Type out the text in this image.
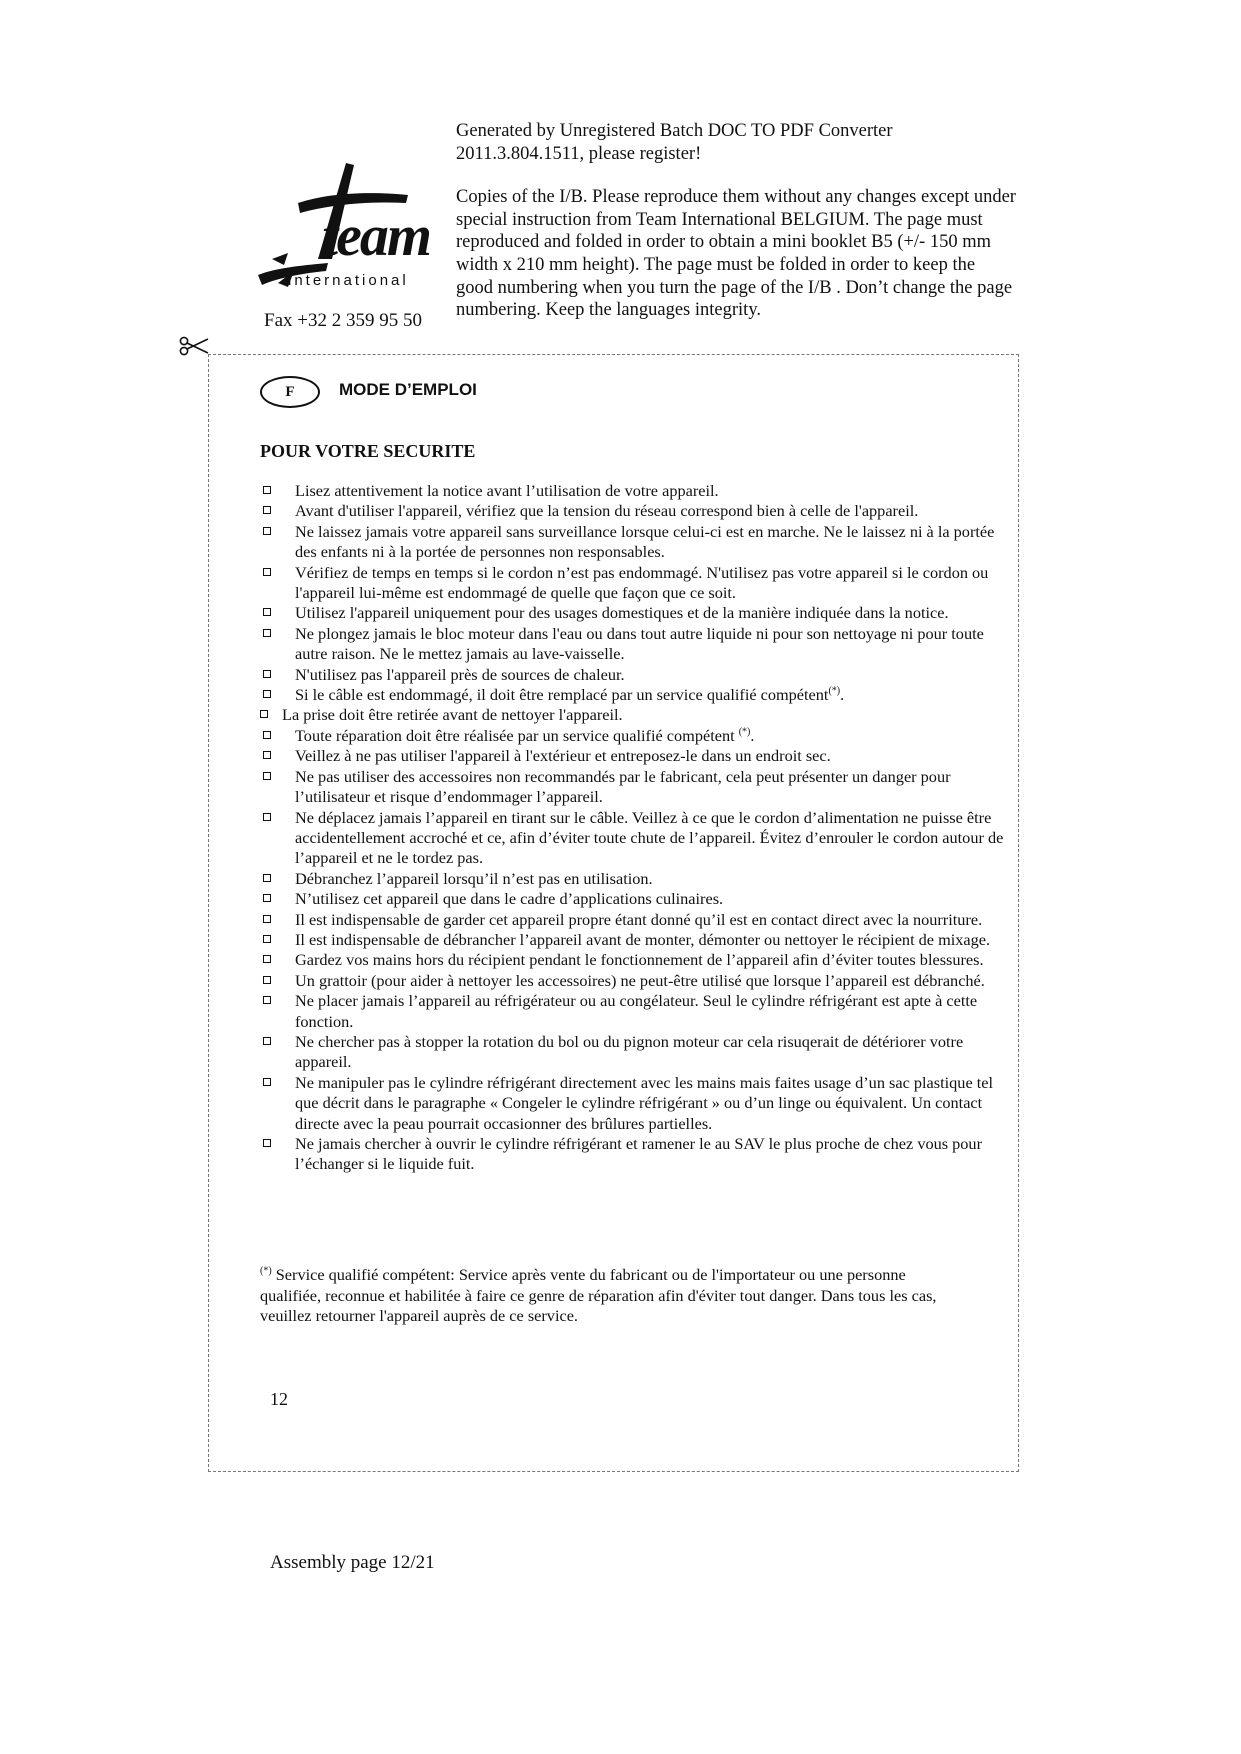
team
international
Fax +32 2 359 95 50

Generated by Unregistered Batch DOC TO PDF Converter

2011.3.804.1511, please register!

Copies of the I/B. Please reproduce them without any changes except under special instruction from Team International BELGIUM. The page must reproduced and folded in order to obtain a mini booklet B5 (+/- 150 mm width x 210 mm height). The page must be folded in order to keep the good numbering when you turn the page of the I/B . Don’t change the page numbering. Keep the languages integrity.

F	MODE D’EMPLOI
POUR VOTRE SECURITE
Lisez attentivement la notice avant l’utilisation de votre appareil.
Avant d'utiliser l'appareil, vérifiez que la tension du réseau correspond bien à celle de l'appareil.
Ne laissez jamais votre appareil sans surveillance lorsque celui-ci est en marche. Ne le laissez ni à la portée des enfants ni à la portée de personnes non responsables.
Vérifiez de temps en temps si le cordon n’est pas endommagé. N'utilisez pas votre appareil si le cordon ou l'appareil lui-même est endommagé de quelle que façon que ce soit.
Utilisez l'appareil uniquement pour des usages domestiques et de la manière indiquée dans la notice.
Ne plongez jamais le bloc moteur dans l'eau ou dans tout autre liquide ni pour son nettoyage ni pour toute autre raison. Ne le mettez jamais au lave-vaisselle.
N'utilisez pas l'appareil près de sources de chaleur.
Si le câble est endommagé, il doit être remplacé par un service qualifié compétent(*).
La prise doit être retirée avant de nettoyer l'appareil.
Toute réparation doit être réalisée par un service qualifié compétent (*).
Veillez à ne pas utiliser l'appareil à l'extérieur et entreposez-le dans un endroit sec.
Ne pas utiliser des accessoires non recommandés par le fabricant, cela peut présenter un danger pour l’utilisateur et risque d’endommager l’appareil.
Ne déplacez jamais l’appareil en tirant sur le câble. Veillez à ce que le cordon d’alimentation ne puisse être accidentellement accroché et ce, afin d’éviter toute chute de l’appareil. Évitez d’enrouler le cordon autour de l’appareil et ne le tordez pas.
Débranchez l’appareil lorsqu’il n’est pas en utilisation.
N’utilisez cet appareil que dans le cadre d’applications culinaires.
Il est indispensable de garder cet appareil propre étant donné qu’il est en contact direct avec la nourriture.
Il est indispensable de débrancher l’appareil avant de monter, démonter ou nettoyer le récipient de mixage.
Gardez vos mains hors du récipient pendant le fonctionnement de l’appareil afin d’éviter toutes blessures.
Un grattoir (pour aider à nettoyer les accessoires) ne peut-être utilisé que lorsque l’appareil est débranché.
Ne placer jamais l’appareil au réfrigérateur ou au congélateur. Seul le cylindre réfrigérant est apte à cette fonction.
Ne chercher pas à stopper la rotation du bol ou du pignon moteur car cela risuqerait de détériorer votre appareil.
Ne manipuler pas le cylindre réfrigérant directement avec les mains mais faites usage d’un sac plastique tel que décrit dans le paragraphe « Congeler le cylindre réfrigérant » ou d’un linge ou équivalent. Un contact directe avec la peau pourrait occasionner des brûlures partielles.
Ne jamais chercher à ouvrir le cylindre réfrigérant et ramener le au SAV le plus proche de chez vous pour l’échanger si le liquide fuit.
(*) Service qualifié compétent: Service après vente du fabricant ou de l'importateur ou une personne qualifiée, reconnue et habilitée à faire ce genre de réparation afin d'éviter tout danger. Dans tous les cas, veuillez retourner l'appareil auprès de ce service.
12
Assembly page 12/21
